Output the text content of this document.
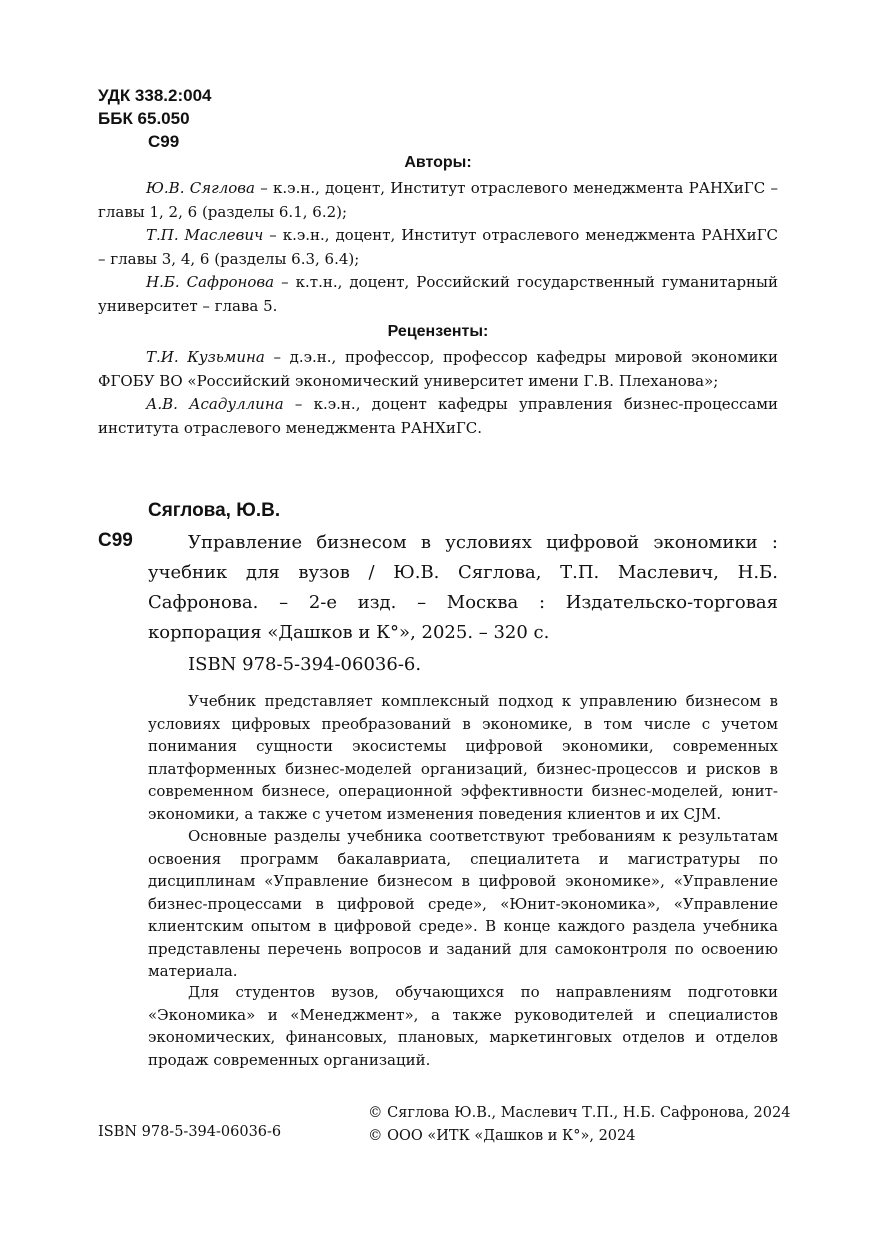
УДК 338.2:004
ББК 65.050
С99
Авторы:
Ю.В. Сяглова – к.э.н., доцент, Институт отраслевого менеджмента РАНХиГС – главы 1, 2, 6 (разделы 6.1, 6.2);
Т.П. Маслевич – к.э.н., доцент, Институт отраслевого менеджмента РАНХиГС – главы 3, 4, 6 (разделы 6.3, 6.4);
Н.Б. Сафронова – к.т.н., доцент, Российский государственный гуманитарный университет – глава 5.
Рецензенты:
Т.И. Кузьмина – д.э.н., профессор, профессор кафедры мировой экономики ФГОБУ ВО «Российский экономический университет имени Г.В. Плеханова»;
А.В. Асадуллина – к.э.н., доцент кафедры управления бизнес-процессами института отраслевого менеджмента РАНХиГС.
Сяглова, Ю.В.
С99	Управление бизнесом в условиях цифровой экономики : учебник для вузов / Ю.В. Сяглова, Т.П. Маслевич, Н.Б. Сафронова. – 2-е изд. – Москва : Издательско-торговая корпорация «Дашков и К°», 2025. – 320 с.
ISBN 978-5-394-06036-6.
Учебник представляет комплексный подход к управлению бизнесом в условиях цифровых преобразований в экономике, в том числе с учетом понимания сущности экосистемы цифровой экономики, современных платформенных бизнес-моделей организаций, бизнес-процессов и рисков в современном бизнесе, операционной эффективности бизнес-моделей, юнит-экономики, а также с учетом изменения поведения клиентов и их CJM.
Основные разделы учебника соответствуют требованиям к результатам освоения программ бакалавриата, специалитета и магистратуры по дисциплинам «Управление бизнесом в цифровой экономике», «Управление бизнес-процессами в цифровой среде», «Юнит-экономика», «Управление клиентским опытом в цифровой среде». В конце каждого раздела учебника представлены перечень вопросов и заданий для самоконтроля по освоению материала.
Для студентов вузов, обучающихся по направлениям подготовки «Экономика» и «Менеджмент», а также руководителей и специалистов экономических, финансовых, плановых, маркетинговых отделов и отделов продаж современных организаций.
ISBN 978-5-394-06036-6
© Сяглова Ю.В., Маслевич Т.П., Н.Б. Сафронова, 2024
© ООО «ИТК «Дашков и К°», 2024
